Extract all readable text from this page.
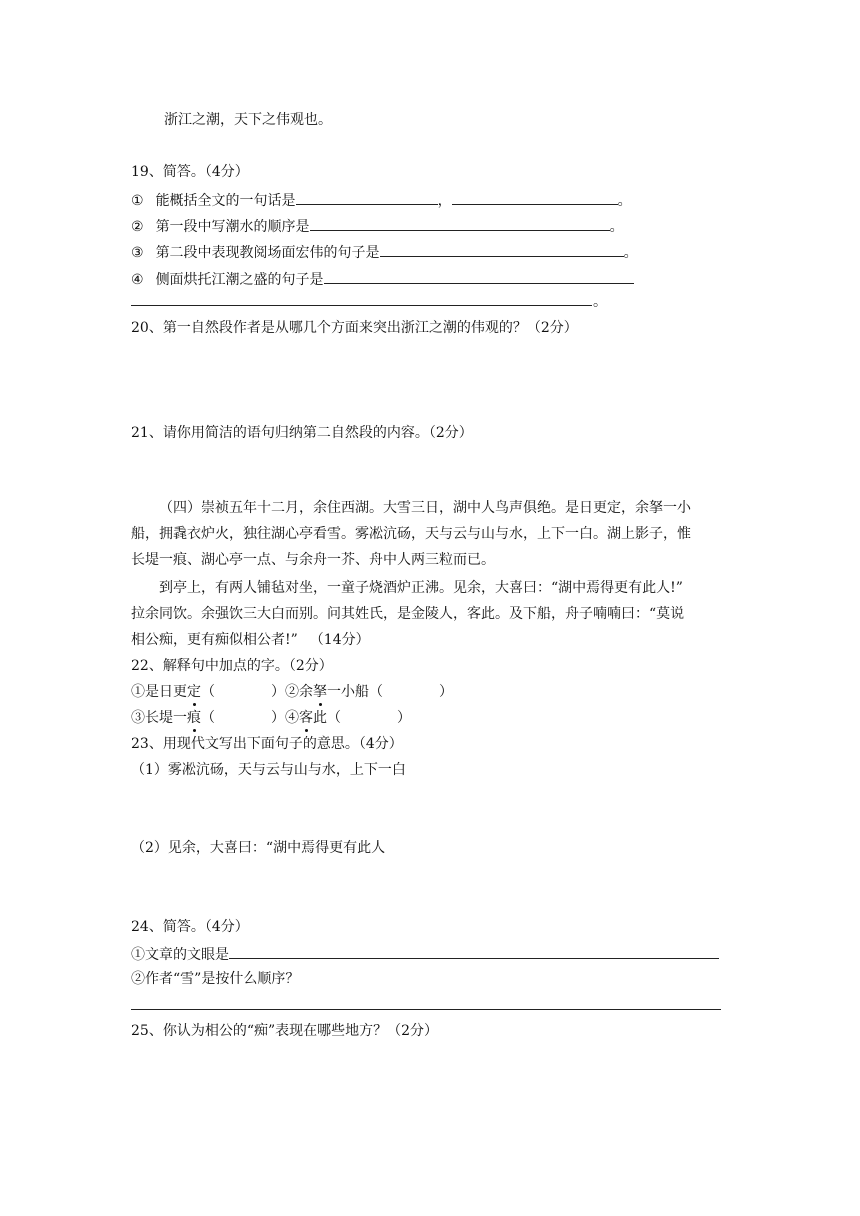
浙江之潮，天下之伟观也。
19、简答。（4分）
① 能概括全文的一句话是	，	。
② 第一段中写潮水的顺序是	。
③ 第二段中表现教阅场面宏伟的句子是	。
④ 侧面烘托江潮之盛的句子是
。
20、第一自然段作者是从哪几个方面来突出浙江之潮的伟观的？（2分）
21、请你用简洁的语句归纳第二自然段的内容。（2分）
（四）崇祯五年十二月，余住西湖。大雪三日，湖中人鸟声俱绝。是日更定，余拏一小
船，拥毳衣炉火，独往湖心亭看雪。雾凇沆砀，天与云与山与水，上下一白。湖上影子，惟
长堤一痕、湖心亭一点、与余舟一芥、舟中人两三粒而已。
到亭上，有两人铺毡对坐，一童子烧酒炉正沸。见余，大喜曰：“湖中焉得更有此人!”
拉余同饮。余强饮三大白而别。问其姓氏，是金陵人，客此。及下船，舟子喃喃曰：“莫说
相公痴，更有痴似相公者!” （14分）
22、解释句中加点的字。（2分）
①是日更定（	）②余拏一小船（	）
③长堤一痕（	）④客此（	）
23、用现代文写出下面句子的意思。（4分）
（1）雾凇沆砀，天与云与山与水，上下一白
（2）见余，大喜曰：“湖中焉得更有此人
24、简答。（4分）
①文章的文眼是
②作者“雪”是按什么顺序？
25、你认为相公的“痴”表现在哪些地方？（2分）
